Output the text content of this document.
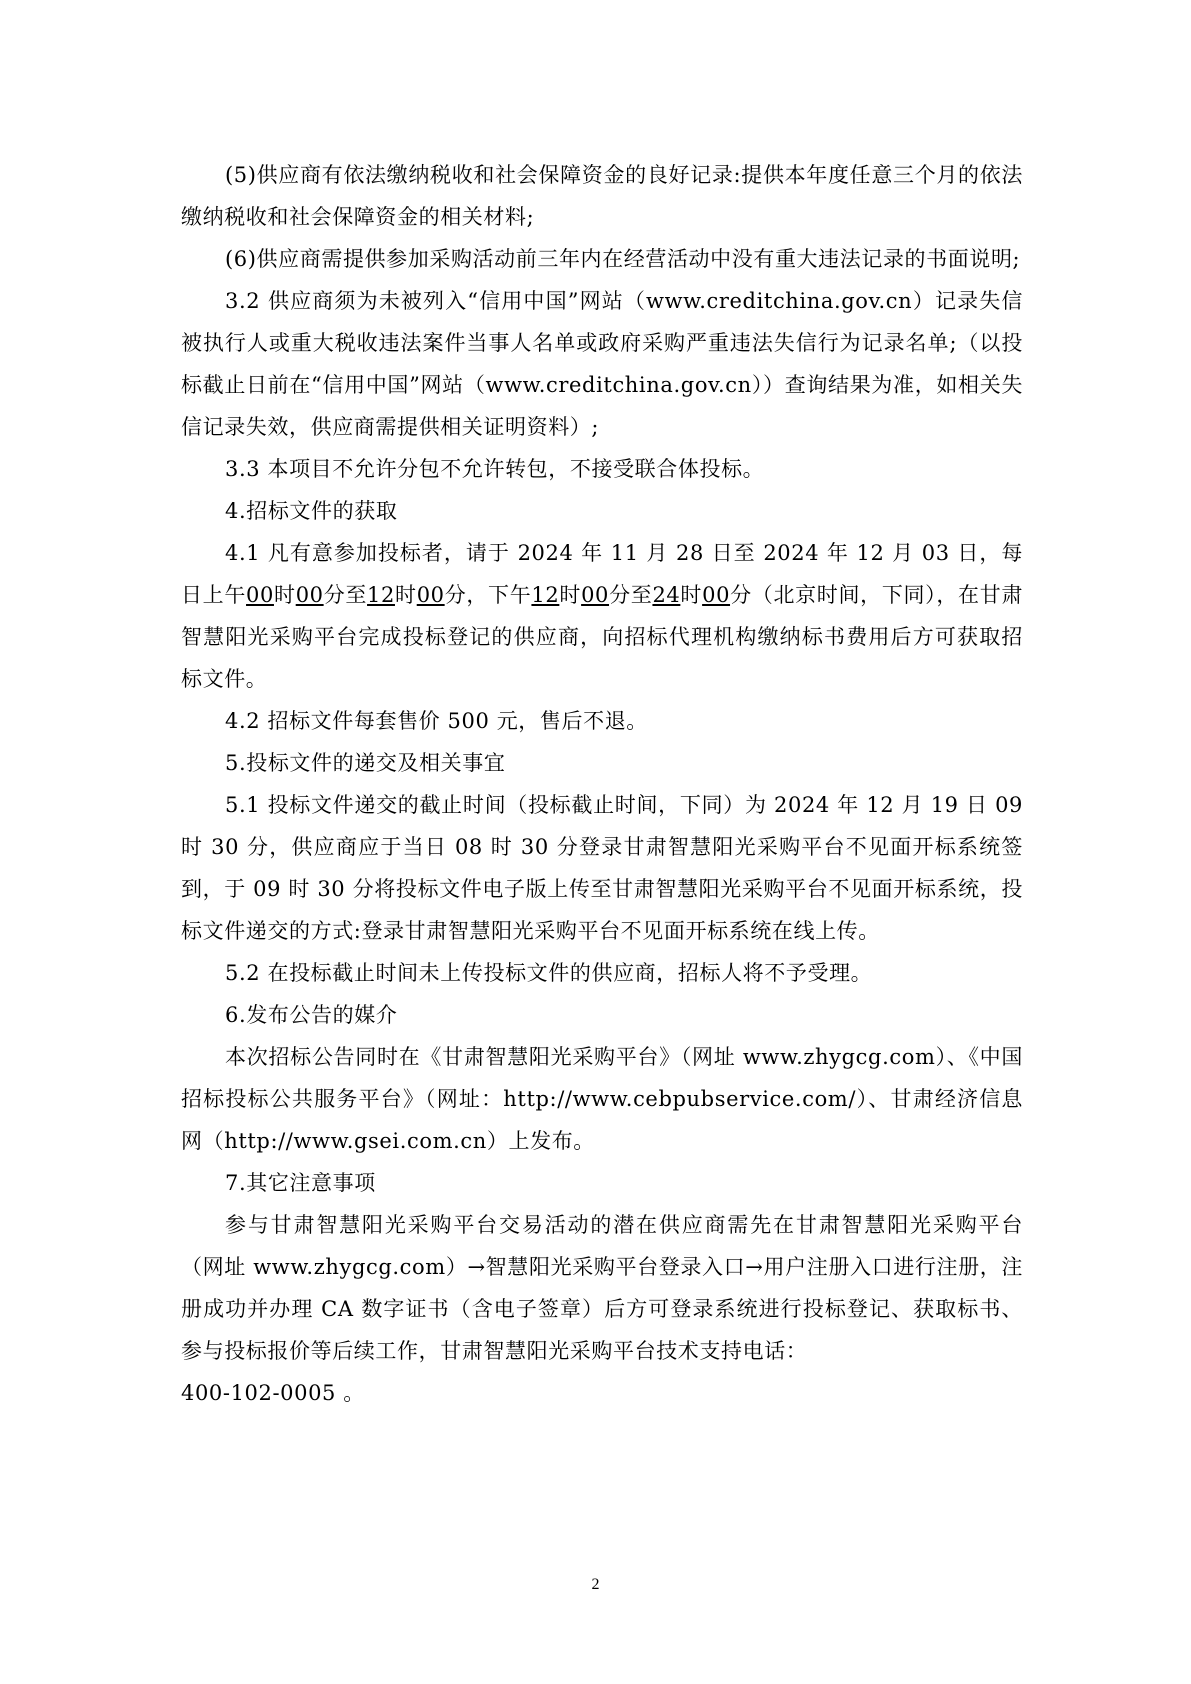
(5)供应商有依法缴纳税收和社会保障资金的良好记录:提供本年度任意三个月的依法缴纳税收和社会保障资金的相关材料;

(6)供应商需提供参加采购活动前三年内在经营活动中没有重大违法记录的书面说明;

3.2 供应商须为未被列入“信用中国”网站（www.creditchina.gov.cn）记录失信被执行人或重大税收违法案件当事人名单或政府采购严重违法失信行为记录名单;（以投标截止日前在“信用中国”网站（www.creditchina.gov.cn））查询结果为准，如相关失信记录失效，供应商需提供相关证明资料）;

3.3 本项目不允许分包不允许转包，不接受联合体投标。

4.招标文件的获取

4.1 凡有意参加投标者，请于 2024 年 11 月 28 日至 2024 年 12 月 03 日，每日上午00时00分至12时00分，下午12时00分至24时00分（北京时间，下同），在甘肃智慧阳光采购平台完成投标登记的供应商，向招标代理机构缴纳标书费用后方可获取招标文件。

4.2 招标文件每套售价 500 元，售后不退。

5.投标文件的递交及相关事宜

5.1 投标文件递交的截止时间（投标截止时间，下同）为 2024 年 12 月 19 日 09 时 30 分，供应商应于当日 08 时 30 分登录甘肃智慧阳光采购平台不见面开标系统签到，于 09 时 30 分将投标文件电子版上传至甘肃智慧阳光采购平台不见面开标系统，投标文件递交的方式:登录甘肃智慧阳光采购平台不见面开标系统在线上传。

5.2 在投标截止时间未上传投标文件的供应商，招标人将不予受理。

6.发布公告的媒介

本次招标公告同时在《甘肃智慧阳光采购平台》（网址 www.zhygcg.com）、《中国招标投标公共服务平台》（网址：http://www.cebpubservice.com/）、甘肃经济信息网（http://www.gsei.com.cn）上发布。

7.其它注意事项

参与甘肃智慧阳光采购平台交易活动的潜在供应商需先在甘肃智慧阳光采购平台（网址 www.zhygcg.com）→智慧阳光采购平台登录入口→用户注册入口进行注册，注册成功并办理 CA 数字证书（含电子签章）后方可登录系统进行投标登记、获取标书、参与投标报价等后续工作，甘肃智慧阳光采购平台技术支持电话：

400-102-0005 。

2
